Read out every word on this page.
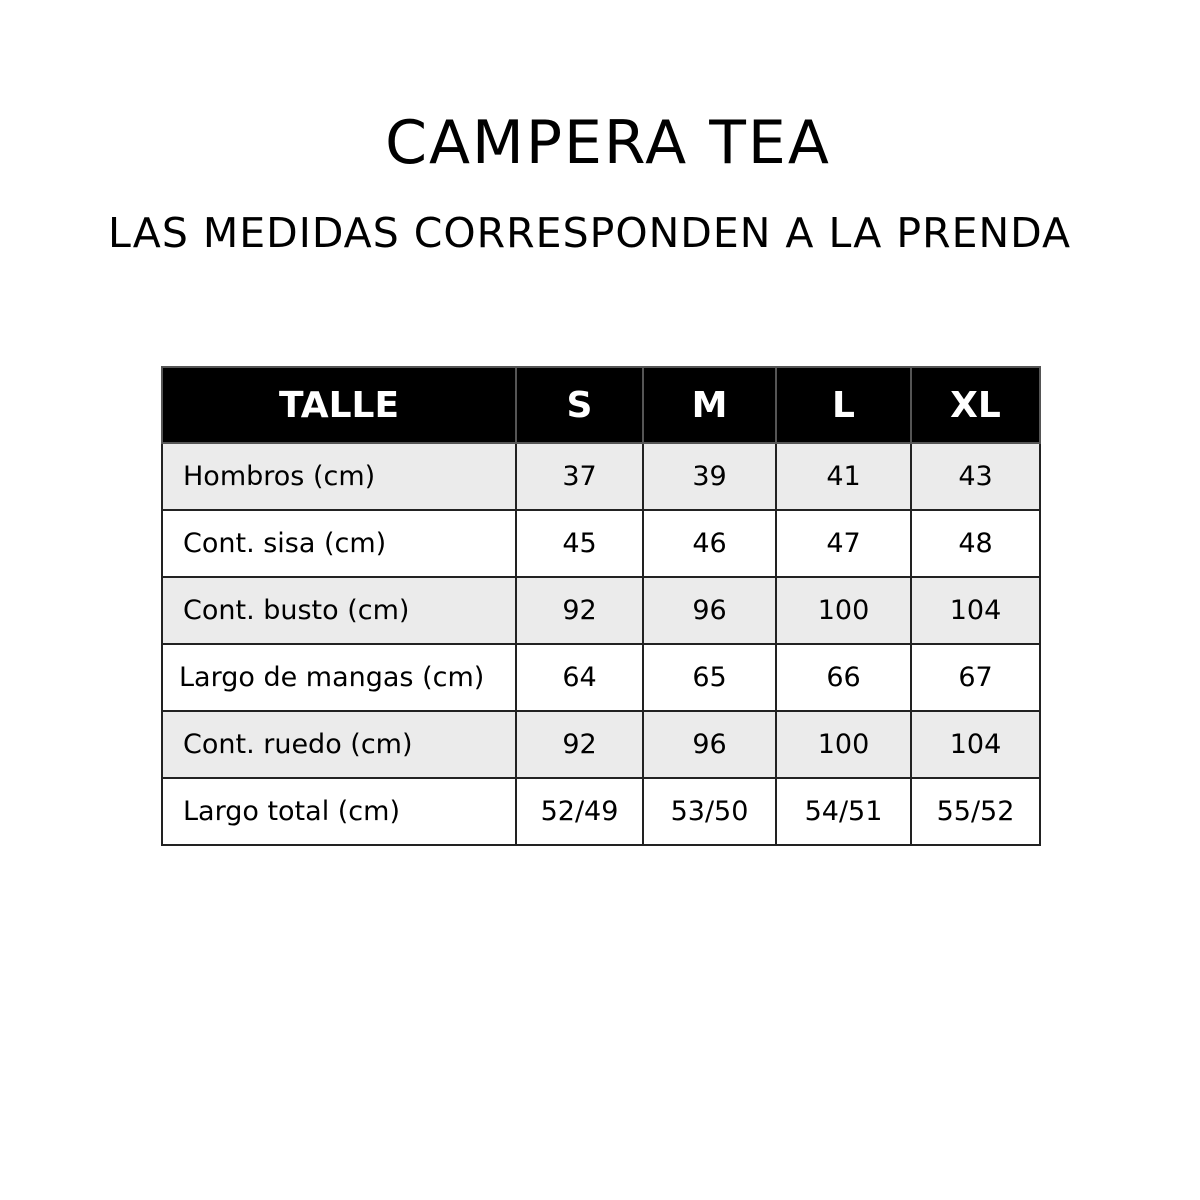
CAMPERA TEA
LAS MEDIDAS CORRESPONDEN A LA PRENDA
TALLE	S	M	L	XL
Hombros (cm)	37	39	41	43
Cont. sisa (cm)	45	46	47	48
Cont. busto (cm)	92	96	100	104
Largo de mangas (cm)	64	65	66	67
Cont. ruedo (cm)	92	96	100	104
Largo total (cm)	52/49	53/50	54/51	55/52
